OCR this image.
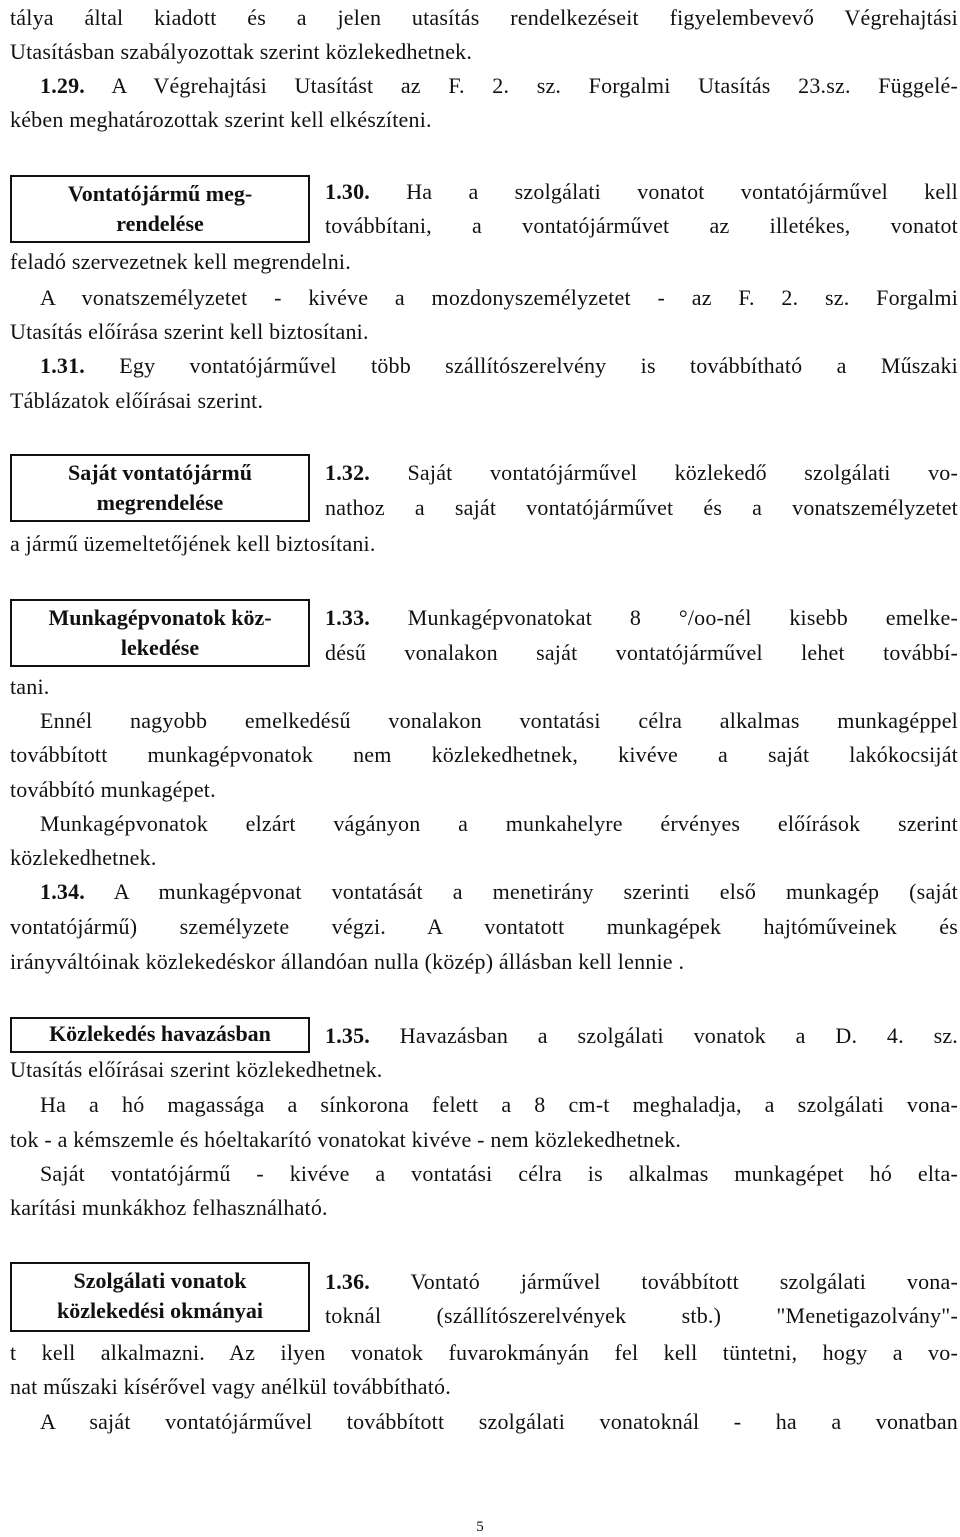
tálya által kiadott és a jelen utasítás rendelkezéseit figyelembevevő Végrehajtási
Utasításban szabályozottak szerint közlekedhetnek.
1.29. A Végrehajtási Utasítást az F. 2. sz. Forgalmi Utasítás 23.sz. Függelé-
kében meghatározottak szerint kell elkészíteni.
Vontatójármű meg-
rendelése
1.30. Ha a szolgálati vonatot vontatójárművel kell
továbbítani, a vontatójárművet az illetékes, vonatot
feladó szervezetnek kell megrendelni.
A vonatszemélyzetet - kivéve a mozdonyszemélyzetet - az F. 2. sz. Forgalmi
Utasítás előírása szerint kell biztosítani.
1.31. Egy vontatójárművel több szállítószerelvény is továbbítható a Műszaki
Táblázatok előírásai szerint.
Saját vontatójármű
megrendelése
1.32. Saját vontatójárművel közlekedő szolgálati vo-
nathoz a saját vontatójárművet és a vonatszemélyzetet
a jármű üzemeltetőjének kell biztosítani.
Munkagépvonatok köz-
lekedése
1.33. Munkagépvonatokat 8 °/oo-nél kisebb emelke-
désű vonalakon saját vontatójárművel lehet továbbí-
tani.
Ennél nagyobb emelkedésű vonalakon vontatási célra alkalmas munkagéppel
továbbított munkagépvonatok nem közlekedhetnek, kivéve a saját lakókocsiját
továbbító munkagépet.
Munkagépvonatok elzárt vágányon a munkahelyre érvényes előírások szerint
közlekedhetnek.
1.34. A munkagépvonat vontatását a menetirány szerinti első munkagép (saját
vontatójármű) személyzete végzi. A vontatott munkagépek hajtóműveinek és
irányváltóinak közlekedéskor állandóan nulla (közép) állásban kell lennie .
Közlekedés havazásban	1.35. Havazásban a szolgálati vonatok a D. 4. sz.
Utasítás előírásai szerint közlekedhetnek.
Ha a hó magassága a sínkorona felett a 8 cm-t meghaladja, a szolgálati vona-
tok - a kémszemle és hóeltakarító vonatokat kivéve - nem közlekedhetnek.
Saját vontatójármű - kivéve a vontatási célra is alkalmas munkagépet hó elta-
karítási munkákhoz felhasználható.
Szolgálati vonatok
közlekedési okmányai
1.36. Vontató járművel továbbított szolgálati vona-
toknál (szállítószerelvények stb.) "Menetigazolvány"-
t kell alkalmazni. Az ilyen vonatok fuvarokmányán fel kell tüntetni, hogy a vo-
nat műszaki kísérővel vagy anélkül továbbítható.
A saját vontatójárművel továbbított szolgálati vonatoknál - ha a vonatban
5
